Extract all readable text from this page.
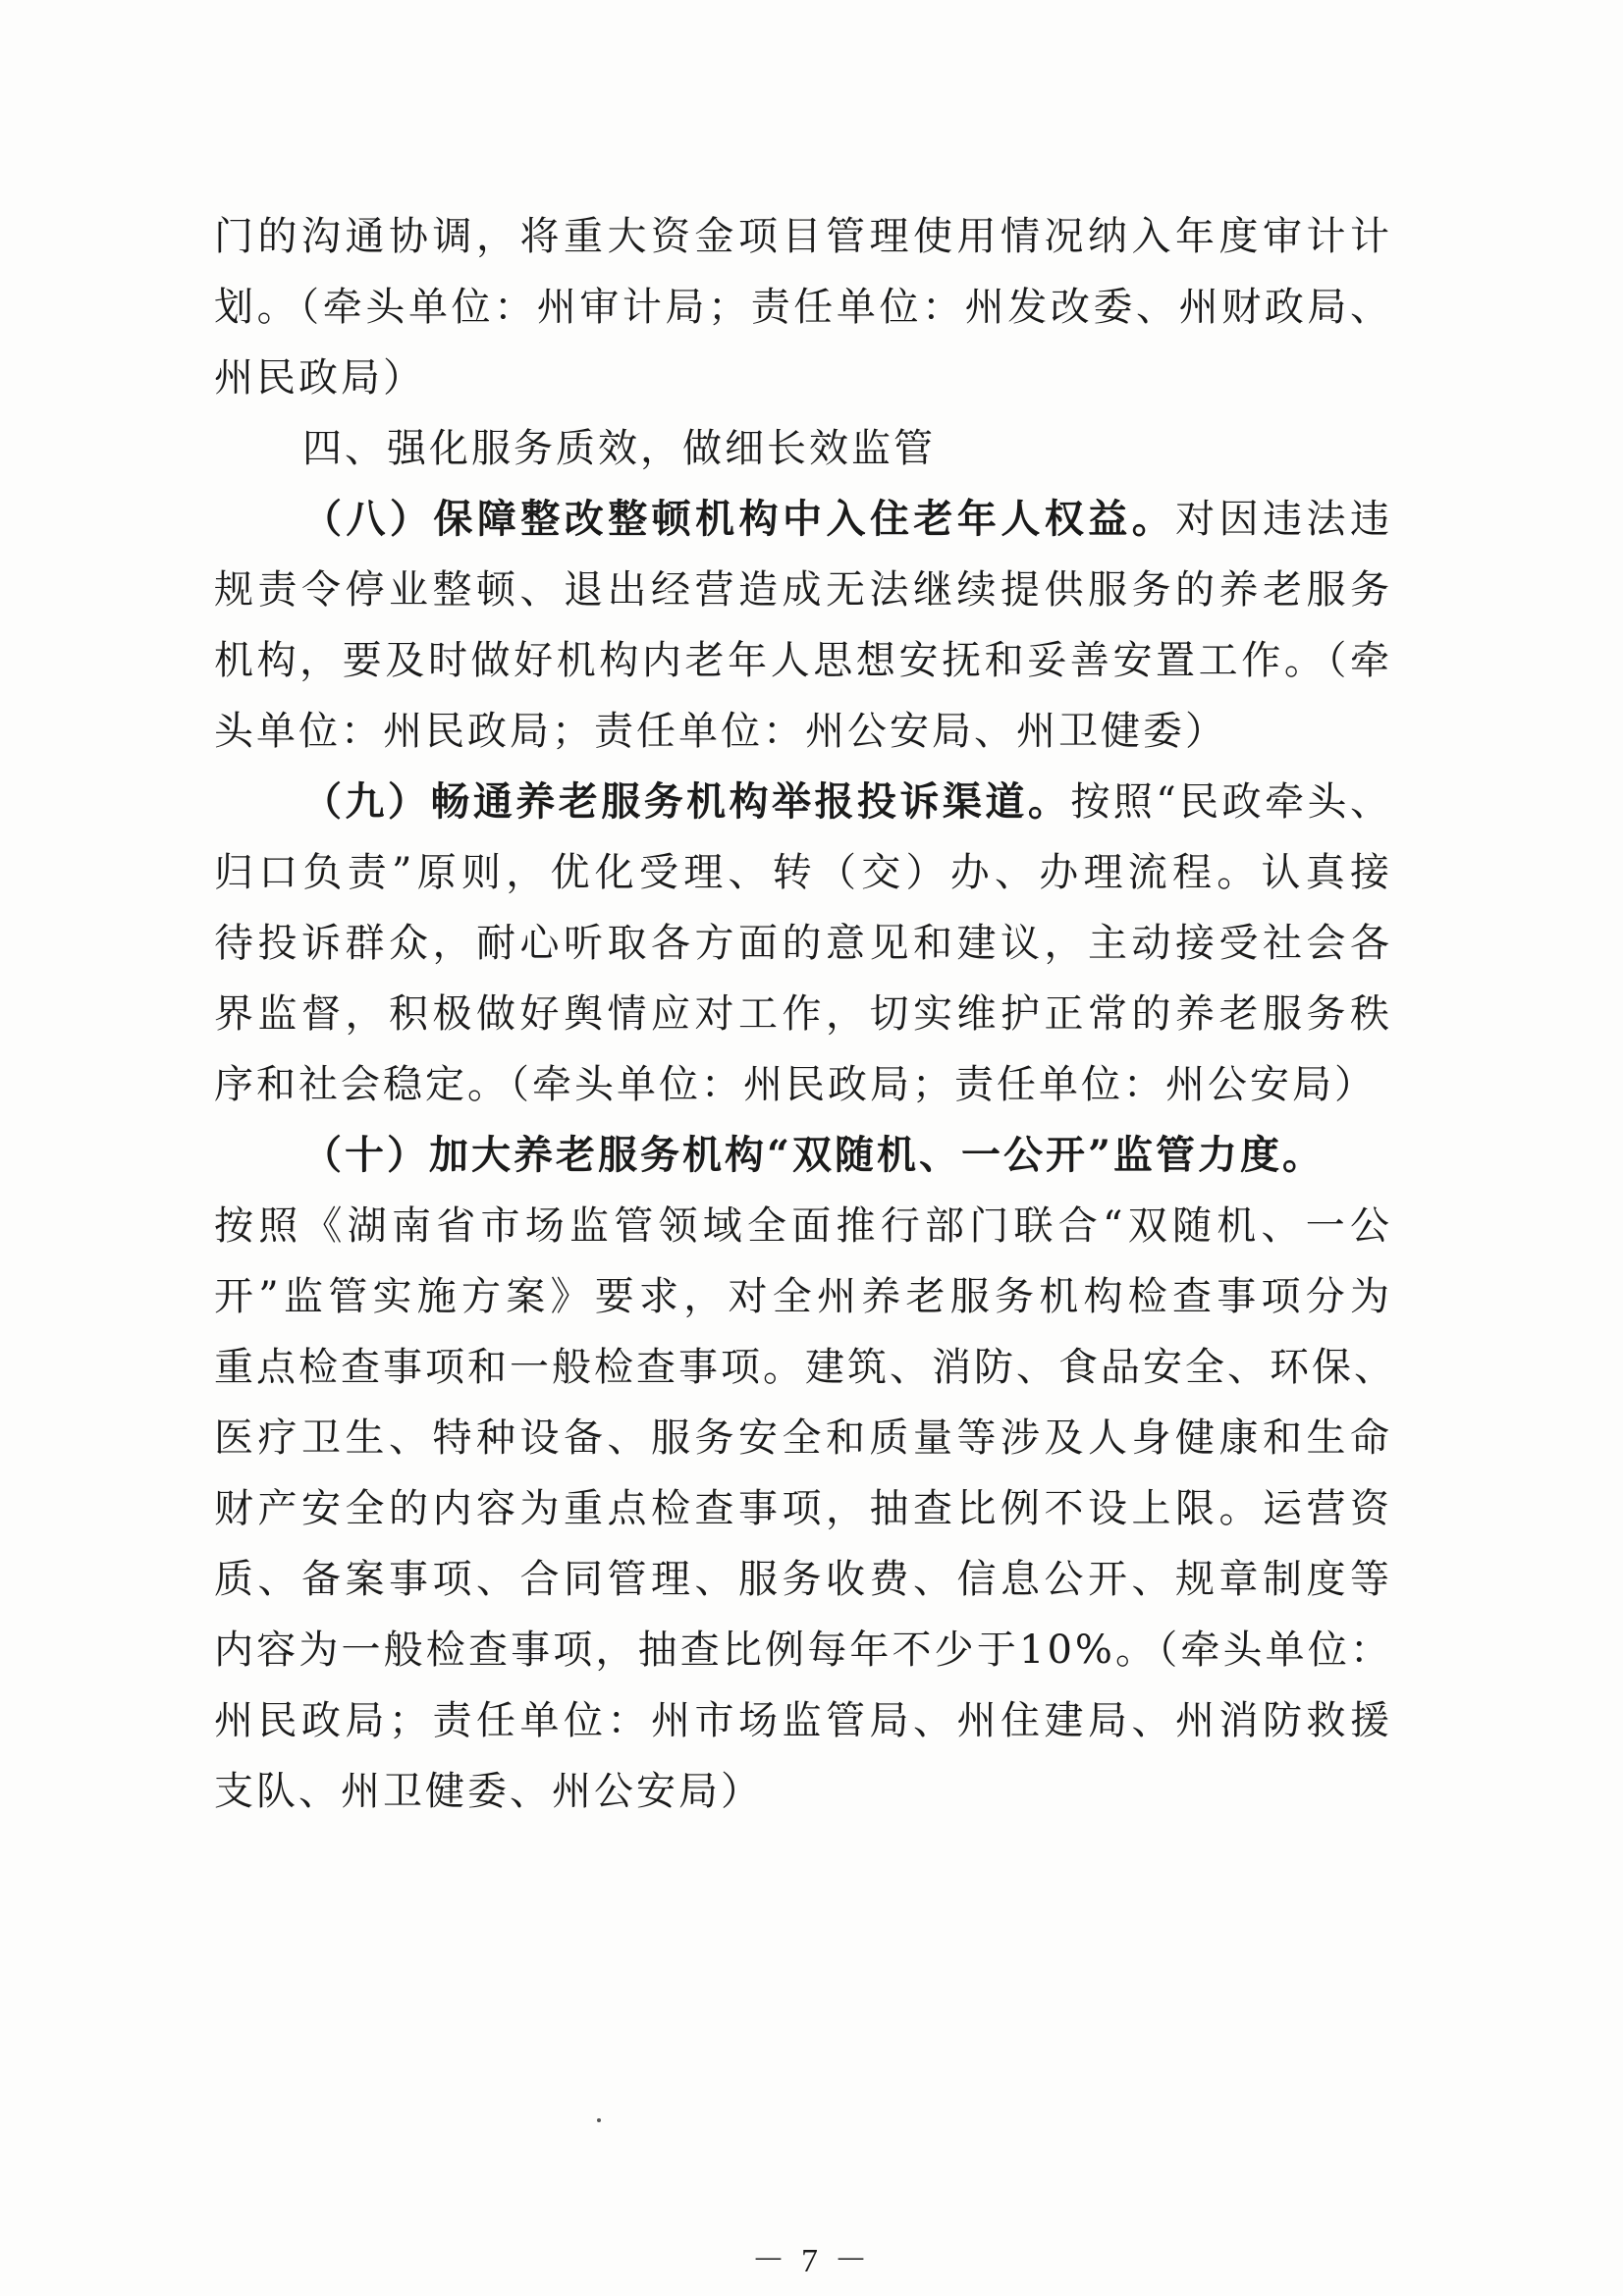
门的沟通协调，将重大资金项目管理使用情况纳入年度审计计
划。（牵头单位：州审计局；责任单位：州发改委、州财政局、
州民政局）
四、强化服务质效，做细长效监管
（八）保障整改整顿机构中入住老年人权益。对因违法违
规责令停业整顿、退出经营造成无法继续提供服务的养老服务
机构，要及时做好机构内老年人思想安抚和妥善安置工作。（牵
头单位：州民政局；责任单位：州公安局、州卫健委）
（九）畅通养老服务机构举报投诉渠道。按照“民政牵头、
归口负责”原则，优化受理、转（交）办、办理流程。认真接
待投诉群众，耐心听取各方面的意见和建议，主动接受社会各
界监督，积极做好舆情应对工作，切实维护正常的养老服务秩
序和社会稳定。（牵头单位：州民政局；责任单位：州公安局）
（十）加大养老服务机构“双随机、一公开”监管力度。
按照《湖南省市场监管领域全面推行部门联合“双随机、一公
开”监管实施方案》要求，对全州养老服务机构检查事项分为
重点检查事项和一般检查事项。建筑、消防、食品安全、环保、
医疗卫生、特种设备、服务安全和质量等涉及人身健康和生命
财产安全的内容为重点检查事项，抽查比例不设上限。运营资
质、备案事项、合同管理、服务收费、信息公开、规章制度等
内容为一般检查事项，抽查比例每年不少于10%。（牵头单位：
州民政局；责任单位：州市场监管局、州住建局、州消防救援
支队、州卫健委、州公安局）
－ 7 －
